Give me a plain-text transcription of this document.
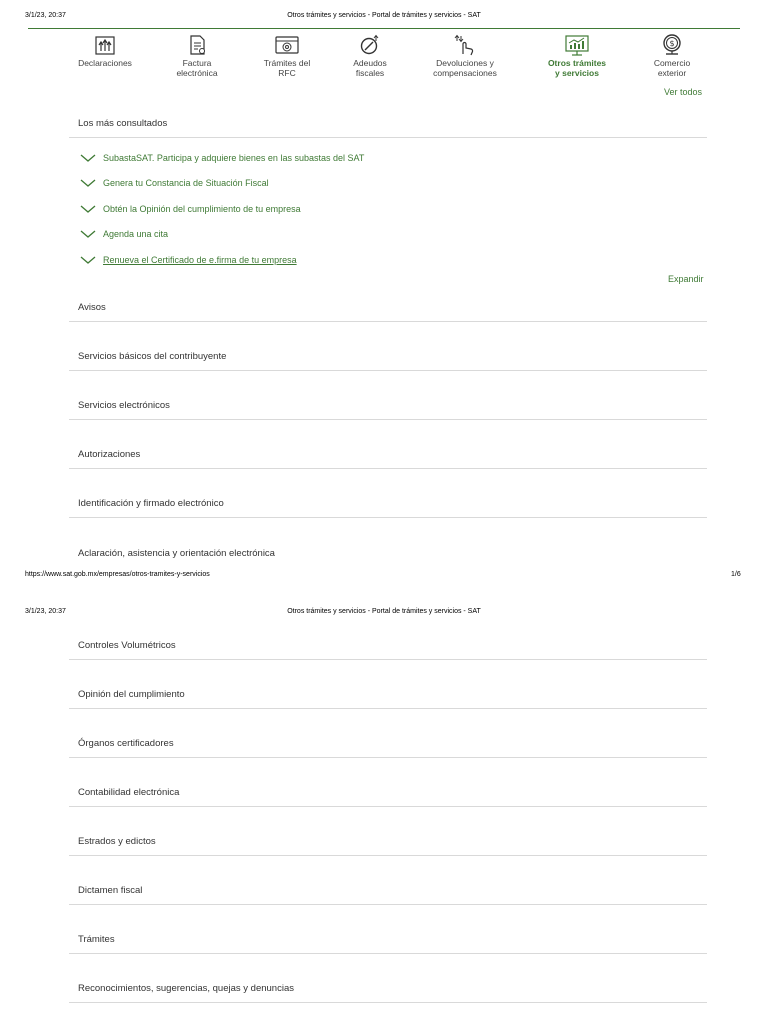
3/1/23, 20:37	Otros trámites y servicios - Portal de trámites y servicios - SAT
Declaraciones	Factura
electrónica
Trámites del
RFC
Adeudos
fiscales
Devoluciones y
compensaciones
Otros trámites
y servicios
$
Comercio
exterior
Ver todos
Los más consultados
SubastaSAT. Participa y adquiere bienes en las subastas del SAT
Genera tu Constancia de Situación Fiscal
Obtén la Opinión del cumplimiento de tu empresa
Agenda una cita
Renueva el Certificado de e.firma de tu empresa
Expandir
Avisos
Servicios básicos del contribuyente
Servicios electrónicos
Autorizaciones
Identificación y firmado electrónico
Aclaración, asistencia y orientación electrónica
https://www.sat.gob.mx/empresas/otros-tramites-y-servicios	1/6
3/1/23, 20:37	Otros trámites y servicios - Portal de trámites y servicios - SAT
Controles Volumétricos
Opinión del cumplimiento
Órganos certificadores
Contabilidad electrónica
Estrados y edictos
Dictamen fiscal
Trámites
Reconocimientos, sugerencias, quejas y denuncias
